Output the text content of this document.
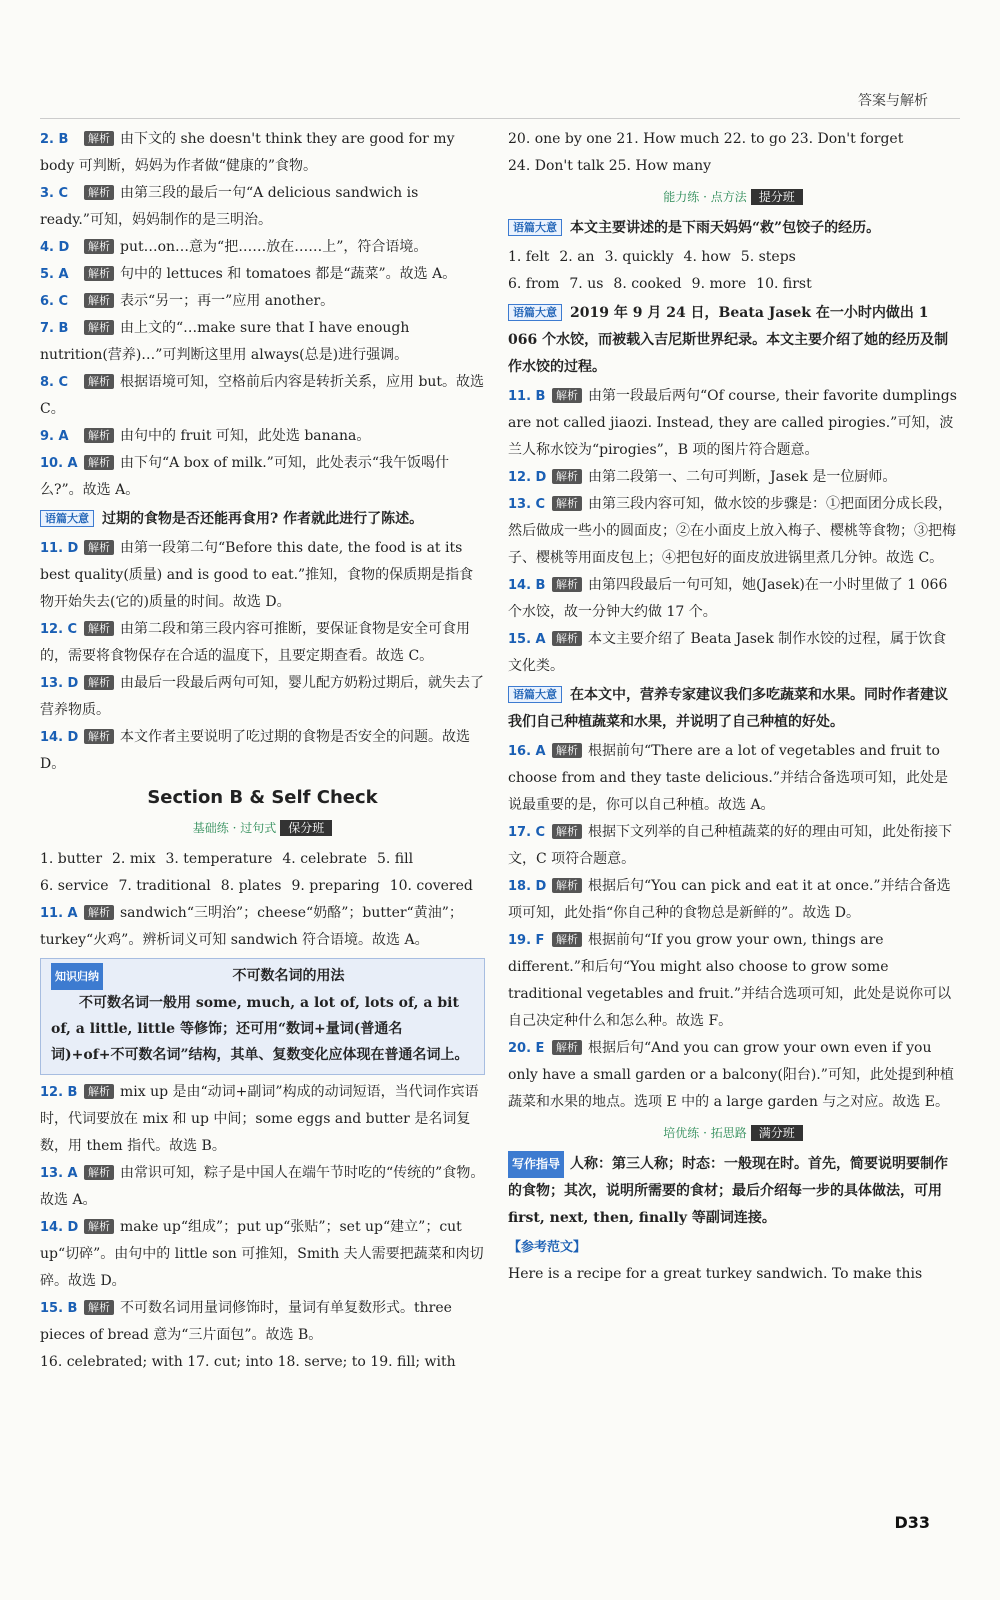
答案与解析
2. B 解析 由下文的 she doesn't think they are good for my body 可判断，妈妈为作者做“健康的”食物。
3. C 解析 由第三段的最后一句“A delicious sandwich is ready.”可知，妈妈制作的是三明治。
4. D 解析 put…on…意为“把……放在……上”，符合语境。
5. A 解析 句中的 lettuces 和 tomatoes 都是“蔬菜”。故选 A。
6. C 解析 表示“另一；再一”应用 another。
7. B 解析 由上文的“…make sure that I have enough nutrition(营养)…”可判断这里用 always(总是)进行强调。
8. C 解析 根据语境可知，空格前后内容是转折关系，应用 but。故选 C。
9. A 解析 由句中的 fruit 可知，此处选 banana。
10. A 解析 由下句“A box of milk.”可知，此处表示“我午饭喝什么?”。故选 A。
语篇大意 过期的食物是否还能再食用? 作者就此进行了陈述。
11. D 解析 由第一段第二句“Before this date, the food is at its best quality(质量) and is good to eat.”推知，食物的保质期是指食物开始失去(它的)质量的时间。故选 D。
12. C 解析 由第二段和第三段内容可推断，要保证食物是安全可食用的，需要将食物保存在合适的温度下，且要定期查看。故选 C。
13. D 解析 由最后一段最后两句可知，婴儿配方奶粉过期后，就失去了营养物质。
14. D 解析 本文作者主要说明了吃过期的食物是否安全的问题。故选 D。
Section B & Self Check
基础练 · 过句式 保分班
1. butter 2. mix 3. temperature 4. celebrate 5. fill
6. service 7. traditional 8. plates 9. preparing 10. covered
11. A 解析 sandwich“三明治”；cheese“奶酪”；butter“黄油”；turkey“火鸡”。辨析词义可知 sandwich 符合语境。故选 A。
知识归纳	不可数名词的用法
不可数名词一般用 some, much, a lot of, lots of, a bit of, a little, little 等修饰；还可用“数词+量词(普通名词)+of+不可数名词”结构，其单、复数变化应体现在普通名词上。
12. B 解析 mix up 是由“动词+副词”构成的动词短语，当代词作宾语时，代词要放在 mix 和 up 中间；some eggs and butter 是名词复数，用 them 指代。故选 B。
13. A 解析 由常识可知，粽子是中国人在端午节时吃的“传统的”食物。故选 A。
14. D 解析 make up“组成”；put up“张贴”；set up“建立”；cut up“切碎”。由句中的 little son 可推知，Smith 夫人需要把蔬菜和肉切碎。故选 D。
15. B 解析 不可数名词用量词修饰时，量词有单复数形式。three pieces of bread 意为“三片面包”。故选 B。
16. celebrated; with 17. cut; into 18. serve; to 19. fill; with
20. one by one 21. How much 22. to go 23. Don't forget
24. Don't talk 25. How many
能力练 · 点方法 提分班
语篇大意 本文主要讲述的是下雨天妈妈“救”包饺子的经历。
1. felt 2. an 3. quickly 4. how 5. steps
6. from 7. us 8. cooked 9. more 10. first
语篇大意 2019 年 9 月 24 日，Beata Jasek 在一小时内做出 1 066 个水饺，而被载入吉尼斯世界纪录。本文主要介绍了她的经历及制作水饺的过程。
11. B 解析 由第一段最后两句“Of course, their favorite dumplings are not called jiaozi. Instead, they are called pirogies.”可知，波兰人称水饺为“pirogies”，B 项的图片符合题意。
12. D 解析 由第二段第一、二句可判断，Jasek 是一位厨师。
13. C 解析 由第三段内容可知，做水饺的步骤是：①把面团分成长段，然后做成一些小的圆面皮；②在小面皮上放入梅子、樱桃等食物；③把梅子、樱桃等用面皮包上；④把包好的面皮放进锅里煮几分钟。故选 C。
14. B 解析 由第四段最后一句可知，她(Jasek)在一小时里做了 1 066 个水饺，故一分钟大约做 17 个。
15. A 解析 本文主要介绍了 Beata Jasek 制作水饺的过程，属于饮食文化类。
语篇大意 在本文中，营养专家建议我们多吃蔬菜和水果。同时作者建议我们自己种植蔬菜和水果，并说明了自己种植的好处。
16. A 解析 根据前句“There are a lot of vegetables and fruit to choose from and they taste delicious.”并结合备选项可知，此处是说最重要的是，你可以自己种植。故选 A。
17. C 解析 根据下文列举的自己种植蔬菜的好的理由可知，此处衔接下文，C 项符合题意。
18. D 解析 根据后句“You can pick and eat it at once.”并结合备选项可知，此处指“你自己种的食物总是新鲜的”。故选 D。
19. F 解析 根据前句“If you grow your own, things are different.”和后句“You might also choose to grow some traditional vegetables and fruit.”并结合选项可知，此处是说你可以自己决定种什么和怎么种。故选 F。
20. E 解析 根据后句“And you can grow your own even if you only have a small garden or a balcony(阳台).”可知，此处提到种植蔬菜和水果的地点。选项 E 中的 a large garden 与之对应。故选 E。
培优练 · 拓思路 满分班
写作指导 人称：第三人称；时态：一般现在时。首先，简要说明要制作的食物；其次，说明所需要的食材；最后介绍每一步的具体做法，可用 first, next, then, finally 等副词连接。
【参考范文】
Here is a recipe for a great turkey sandwich. To make this
D33
